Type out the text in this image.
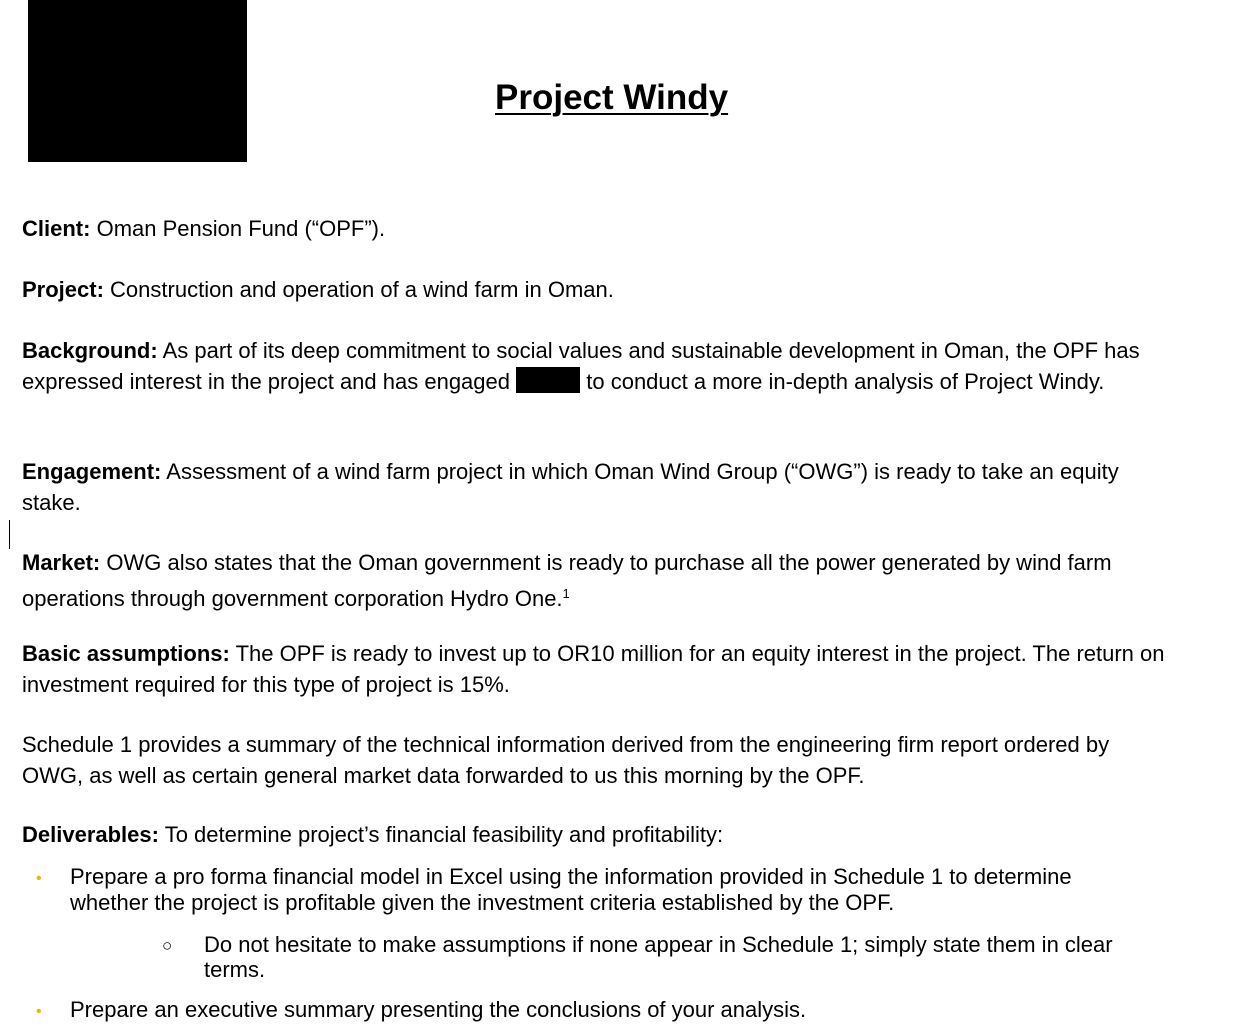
Project Windy

Client: Oman Pension Fund (“OPF”).

Project: Construction and operation of a wind farm in Oman.

Background: As part of its deep commitment to social values and sustainable development in Oman, the OPF has expressed interest in the project and has engaged	to conduct a more in-depth analysis of Project Windy.

Engagement: Assessment of a wind farm project in which Oman Wind Group (“OWG”) is ready to take an equity stake.

Market: OWG also states that the Oman government is ready to purchase all the power generated by wind farm operations through government corporation Hydro One.$^1$

Basic assumptions: The OPF is ready to invest up to OR10 million for an equity interest in the project. The return on investment required for this type of project is 15%.

Schedule 1 provides a summary of the technical information derived from the engineering firm report ordered by OWG, as well as certain general market data forwarded to us this morning by the OPF.

Deliverables: To determine project’s financial feasibility and profitability:

• Prepare a pro forma financial model in Excel using the information provided in Schedule 1 to determine whether the project is profitable given the investment criteria established by the OPF.

○ Do not hesitate to make assumptions if none appear in Schedule 1; simply state them in clear terms.

• Prepare an executive summary presenting the conclusions of your analysis.
